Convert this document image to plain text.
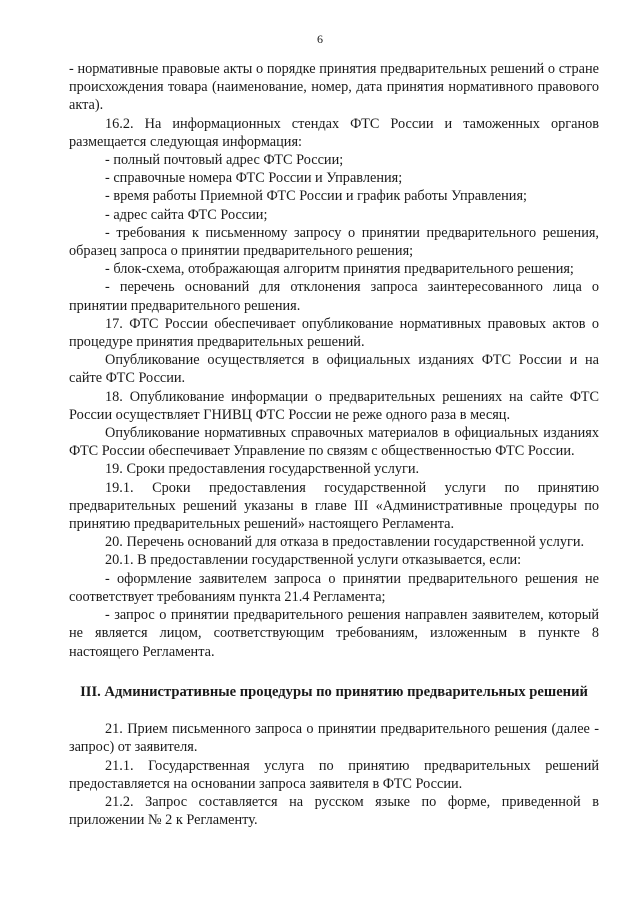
6

- нормативные правовые акты о порядке принятия предварительных решений о стране происхождения товара (наименование, номер, дата принятия нормативного правового акта).

16.2. На информационных стендах ФТС России и таможенных органов размещается следующая информация:

- полный почтовый адрес ФТС России;

- справочные номера ФТС России и Управления;

- время работы Приемной ФТС России и график работы Управления;

- адрес сайта ФТС России;

- требования к письменному запросу о принятии предварительного решения, образец запроса о принятии предварительного решения;

- блок-схема, отображающая алгоритм принятия предварительного решения;

- перечень оснований для отклонения запроса заинтересованного лица о принятии предварительного решения.

17. ФТС России обеспечивает опубликование нормативных правовых актов о процедуре принятия предварительных решений.

Опубликование осуществляется в официальных изданиях ФТС России и на сайте ФТС России.

18. Опубликование информации о предварительных решениях на сайте ФТС России осуществляет ГНИВЦ ФТС России не реже одного раза в месяц.

Опубликование нормативных справочных материалов в официальных изданиях ФТС России обеспечивает Управление по связям с общественностью ФТС России.

19. Сроки предоставления государственной услуги.

19.1. Сроки предоставления государственной услуги по принятию предварительных решений указаны в главе III «Административные процедуры по принятию предварительных решений» настоящего Регламента.

20. Перечень оснований для отказа в предоставлении государственной услуги.

20.1. В предоставлении государственной услуги отказывается, если:

- оформление заявителем запроса о принятии предварительного решения не соответствует требованиям пункта 21.4 Регламента;

- запрос о принятии предварительного решения направлен заявителем, который не является лицом, соответствующим требованиям, изложенным в пункте 8 настоящего Регламента.

III. Административные процедуры по принятию предварительных решений

21. Прием письменного запроса о принятии предварительного решения (далее - запрос) от заявителя.

21.1. Государственная услуга по принятию предварительных решений предоставляется на основании запроса заявителя в ФТС России.

21.2. Запрос составляется на русском языке по форме, приведенной в приложении № 2 к Регламенту.
